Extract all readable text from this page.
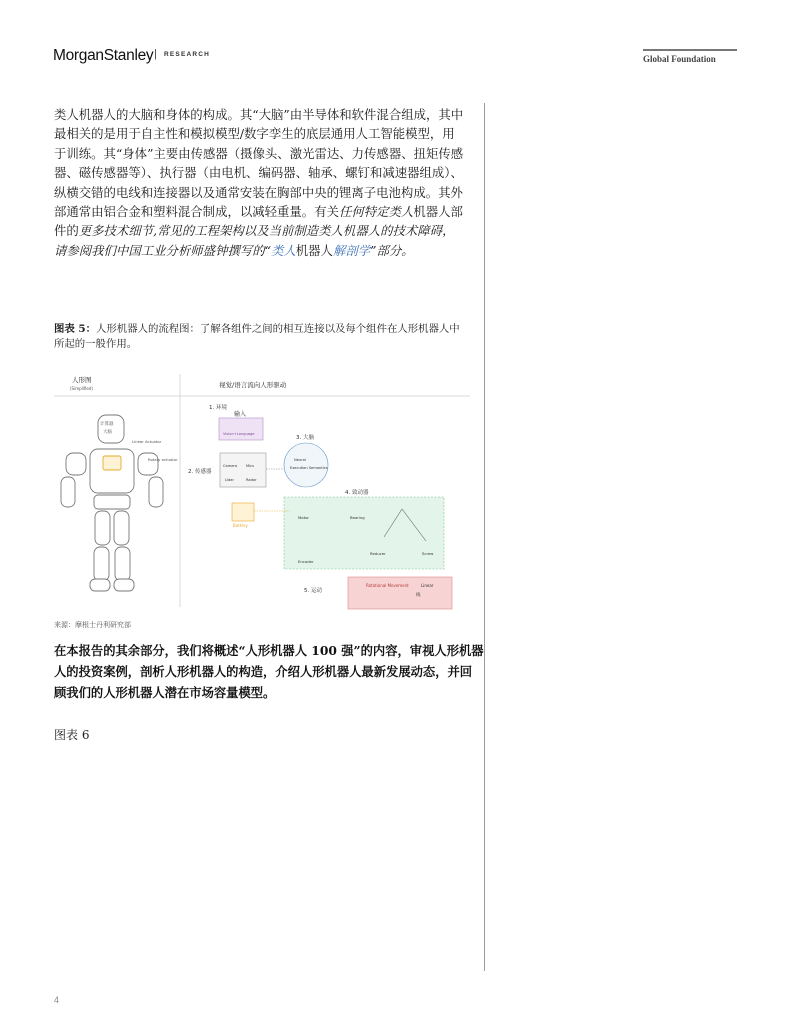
MorganStanley | RESEARCH	Global Foundation
类人机器人的大脑和身体的构成。其“大脑”由半导体和软件混合组成，其中最相关的是用于自主性和模拟模型/数字孪生的底层通用人工智能模型，用于训练。其“身体”主要由传感器（摄像头、激光雷达、力传感器、扭矩传感器、磁传感器等）、执行器（由电机、编码器、轴承、螺钉和减速器组成）、纵横交错的电线和连接器以及通常安装在胸部中央的锂离子电池构成。其外部通常由铝合金和塑料混合制成，以减轻重量。有关任何特定类人机器人部件的更多技术细节,常见的工程架构以及当前制造类人机器人的技术障碍，请参阅我们中国工业分析师盛钟撰写的“类人机器人解剖学”部分。
图表 5：人形机器人的流程图：了解各组件之间的相互连接以及每个组件在人形机器人中所起的一般作用。
人形图
(Simplified)	视觉/语言流向人形驱动
计算器
大脑
Linear Actuator
Rotary actuator
1. 环境
输入
Vision+Language
3. 大脑
Neural
Execution Semantics
2. 传感器
Camera Mics
Lidar	Radar
Battery
4. 致动器
Motor	Bearing
Encoder
Reducer	Screw
5. 运动
Rotational Movement	Linear
线
来源：摩根士丹利研究部
在本报告的其余部分，我们将概述“人形机器人 100 强”的内容，审视人形机器人的投资案例，剖析人形机器人的构造，介绍人形机器人最新发展动态，并回顾我们的人形机器人潜在市场容量模型。
图表 6
4
